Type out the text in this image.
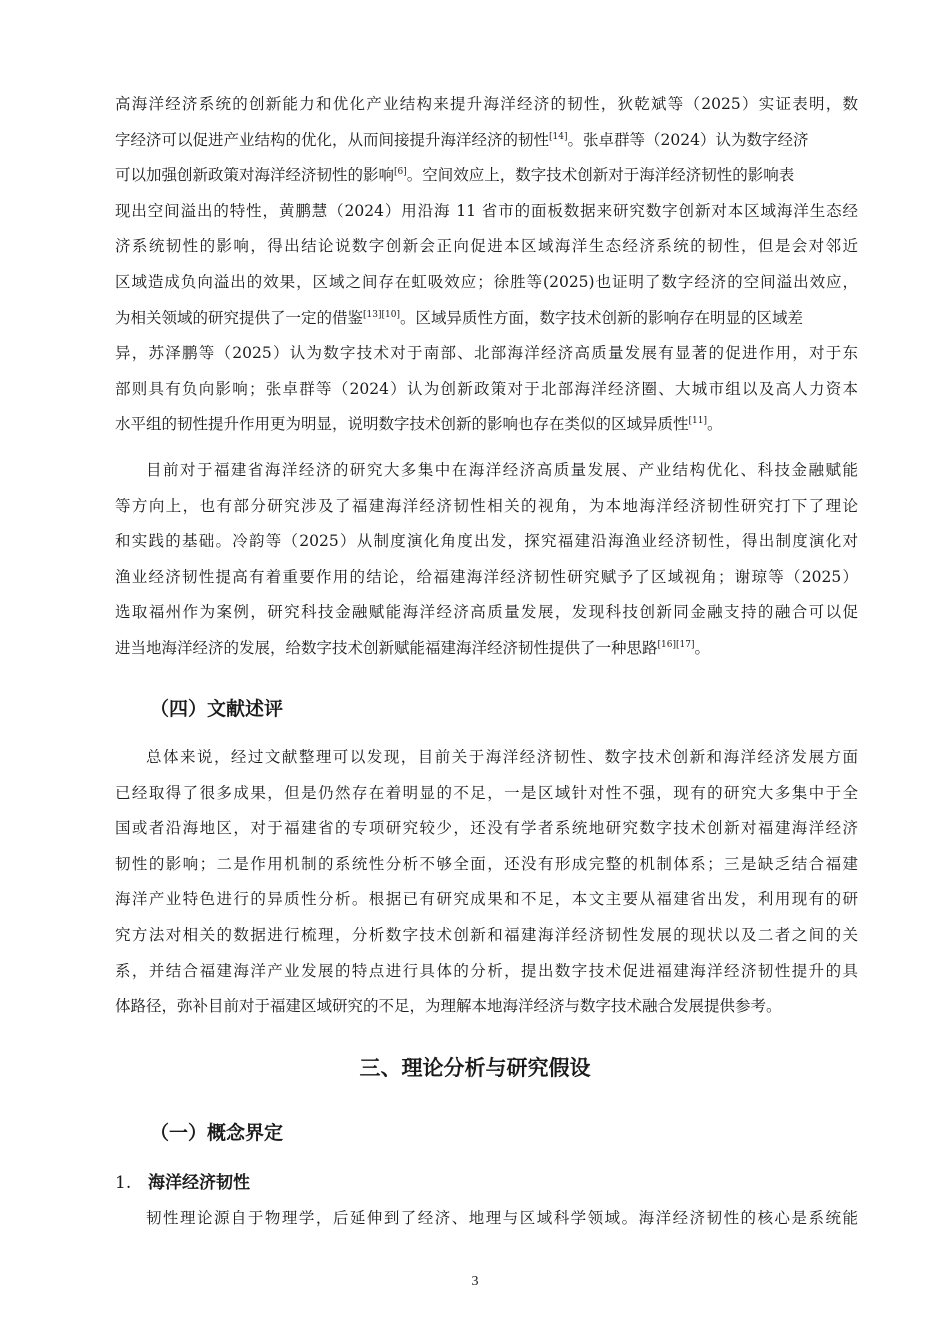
高海洋经济系统的创新能力和优化产业结构来提升海洋经济的韧性，狄乾斌等（2025）实证表明，数
字经济可以促进产业结构的优化，从而间接提升海洋经济的韧性[14]。张卓群等（2024）认为数字经济
可以加强创新政策对海洋经济韧性的影响[6]。空间效应上，数字技术创新对于海洋经济韧性的影响表
现出空间溢出的特性，黄鹏慧（2024）用沿海 11 省市的面板数据来研究数字创新对本区域海洋生态经
济系统韧性的影响，得出结论说数字创新会正向促进本区域海洋生态经济系统的韧性，但是会对邻近
区域造成负向溢出的效果，区域之间存在虹吸效应；徐胜等(2025)也证明了数字经济的空间溢出效应，
为相关领域的研究提供了一定的借鉴[13][10]。区域异质性方面，数字技术创新的影响存在明显的区域差
异，苏泽鹏等（2025）认为数字技术对于南部、北部海洋经济高质量发展有显著的促进作用，对于东
部则具有负向影响；张卓群等（2024）认为创新政策对于北部海洋经济圈、大城市组以及高人力资本
水平组的韧性提升作用更为明显，说明数字技术创新的影响也存在类似的区域异质性[11]。
目前对于福建省海洋经济的研究大多集中在海洋经济高质量发展、产业结构优化、科技金融赋能
等方向上，也有部分研究涉及了福建海洋经济韧性相关的视角，为本地海洋经济韧性研究打下了理论
和实践的基础。冷韵等（2025）从制度演化角度出发，探究福建沿海渔业经济韧性，得出制度演化对
渔业经济韧性提高有着重要作用的结论，给福建海洋经济韧性研究赋予了区域视角；谢琼等（2025）
选取福州作为案例，研究科技金融赋能海洋经济高质量发展，发现科技创新同金融支持的融合可以促
进当地海洋经济的发展，给数字技术创新赋能福建海洋经济韧性提供了一种思路[16][17]。
（四）文献述评
总体来说，经过文献整理可以发现，目前关于海洋经济韧性、数字技术创新和海洋经济发展方面
已经取得了很多成果，但是仍然存在着明显的不足，一是区域针对性不强，现有的研究大多集中于全
国或者沿海地区，对于福建省的专项研究较少，还没有学者系统地研究数字技术创新对福建海洋经济
韧性的影响；二是作用机制的系统性分析不够全面，还没有形成完整的机制体系；三是缺乏结合福建
海洋产业特色进行的异质性分析。根据已有研究成果和不足，本文主要从福建省出发，利用现有的研
究方法对相关的数据进行梳理，分析数字技术创新和福建海洋经济韧性发展的现状以及二者之间的关
系，并结合福建海洋产业发展的特点进行具体的分析，提出数字技术促进福建海洋经济韧性提升的具
体路径，弥补目前对于福建区域研究的不足，为理解本地海洋经济与数字技术融合发展提供参考。
三、理论分析与研究假设
（一）概念界定
1. 海洋经济韧性
韧性理论源自于物理学，后延伸到了经济、地理与区域科学领域。海洋经济韧性的核心是系统能
3
